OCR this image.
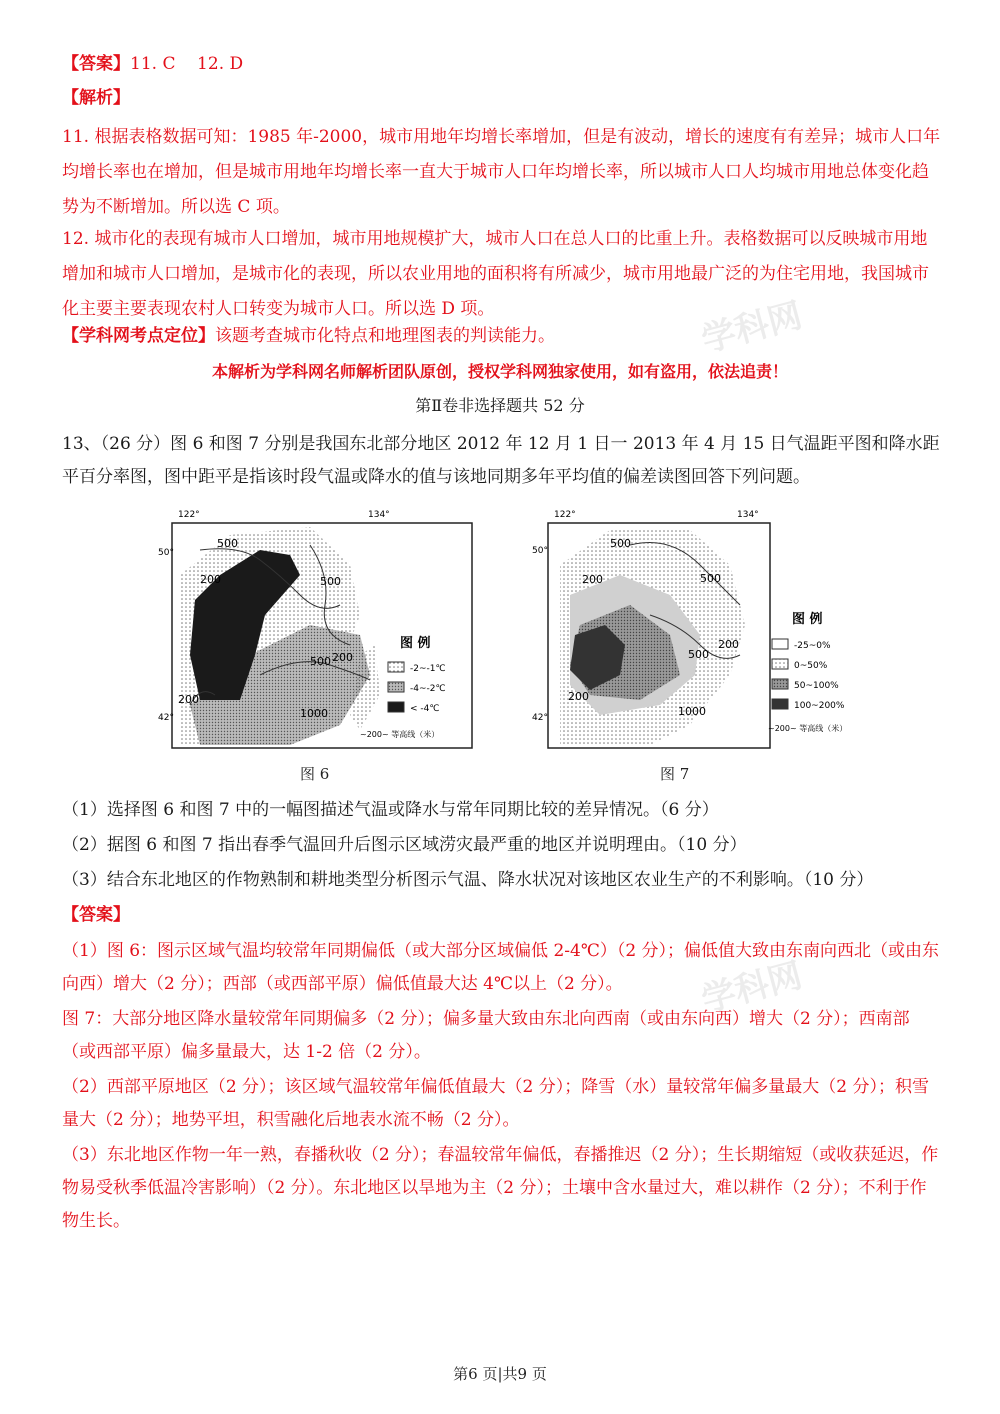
学科网
学科网
【答案】11. C    12. D
【解析】
11. 根据表格数据可知：1985 年-2000，城市用地年均增长率增加，但是有波动，增长的速度有有差异；城市人口年均增长率也在增加，但是城市用地年均增长率一直大于城市人口年均增长率，所以城市人口人均城市用地总体变化趋势为不断增加。所以选 C 项。
12. 城市化的表现有城市人口增加，城市用地规模扩大，城市人口在总人口的比重上升。表格数据可以反映城市用地增加和城市人口增加，是城市化的表现，所以农业用地的面积将有所减少，城市用地最广泛的为住宅用地，我国城市化主要主要表现农村人口转变为城市人口。所以选 D 项。
【学科网考点定位】该题考查城市化特点和地理图表的判读能力。
本解析为学科网名师解析团队原创，授权学科网独家使用，如有盗用，依法追责！
第Ⅱ卷非选择题共 52 分
13、（26 分）图 6 和图 7 分别是我国东北部分地区 2012 年 12 月 1 日一 2013 年 4 月 15 日气温距平图和降水距平百分率图，图中距平是指该时段气温或降水的值与该地同期多年平均值的偏差读图回答下列问题。
122°	134°
50°
42°
500
200	500
500 200
200
1000
图 例
-2~-1℃
-4~-2℃
< -4℃
~200~ 等高线（米）
图 6
122°	134°
50°
42°
500
200	500
500
200
200
1000
图 例
-25~0%
0~50%
50~100%
100~200%
~200~ 等高线（米）
图 7
（1）选择图 6 和图 7 中的一幅图描述气温或降水与常年同期比较的差异情况。（6 分）
（2）据图 6 和图 7 指出春季气温回升后图示区域涝灾最严重的地区并说明理由。（10 分）
（3）结合东北地区的作物熟制和耕地类型分析图示气温、降水状况对该地区农业生产的不利影响。（10 分）
【答案】
（1）图 6：图示区域气温均较常年同期偏低（或大部分区域偏低 2-4℃）（2 分）；偏低值大致由东南向西北（或由东向西）增大（2 分）；西部（或西部平原）偏低值最大达 4℃以上（2 分）。
图 7：大部分地区降水量较常年同期偏多（2 分）；偏多量大致由东北向西南（或由东向西）增大（2 分）；西南部（或西部平原）偏多量最大，达 1-2 倍（2 分）。
（2）西部平原地区（2 分）；该区域气温较常年偏低值最大（2 分）；降雪（水）量较常年偏多量最大（2 分）；积雪量大（2 分）；地势平坦，积雪融化后地表水流不畅（2 分）。
（3）东北地区作物一年一熟，春播秋收（2 分）；春温较常年偏低，春播推迟（2 分）；生长期缩短（或收获延迟，作物易受秋季低温冷害影响）（2 分）。东北地区以旱地为主（2 分）；土壤中含水量过大，难以耕作（2 分）；不利于作物生长。
第6 页|共9 页
